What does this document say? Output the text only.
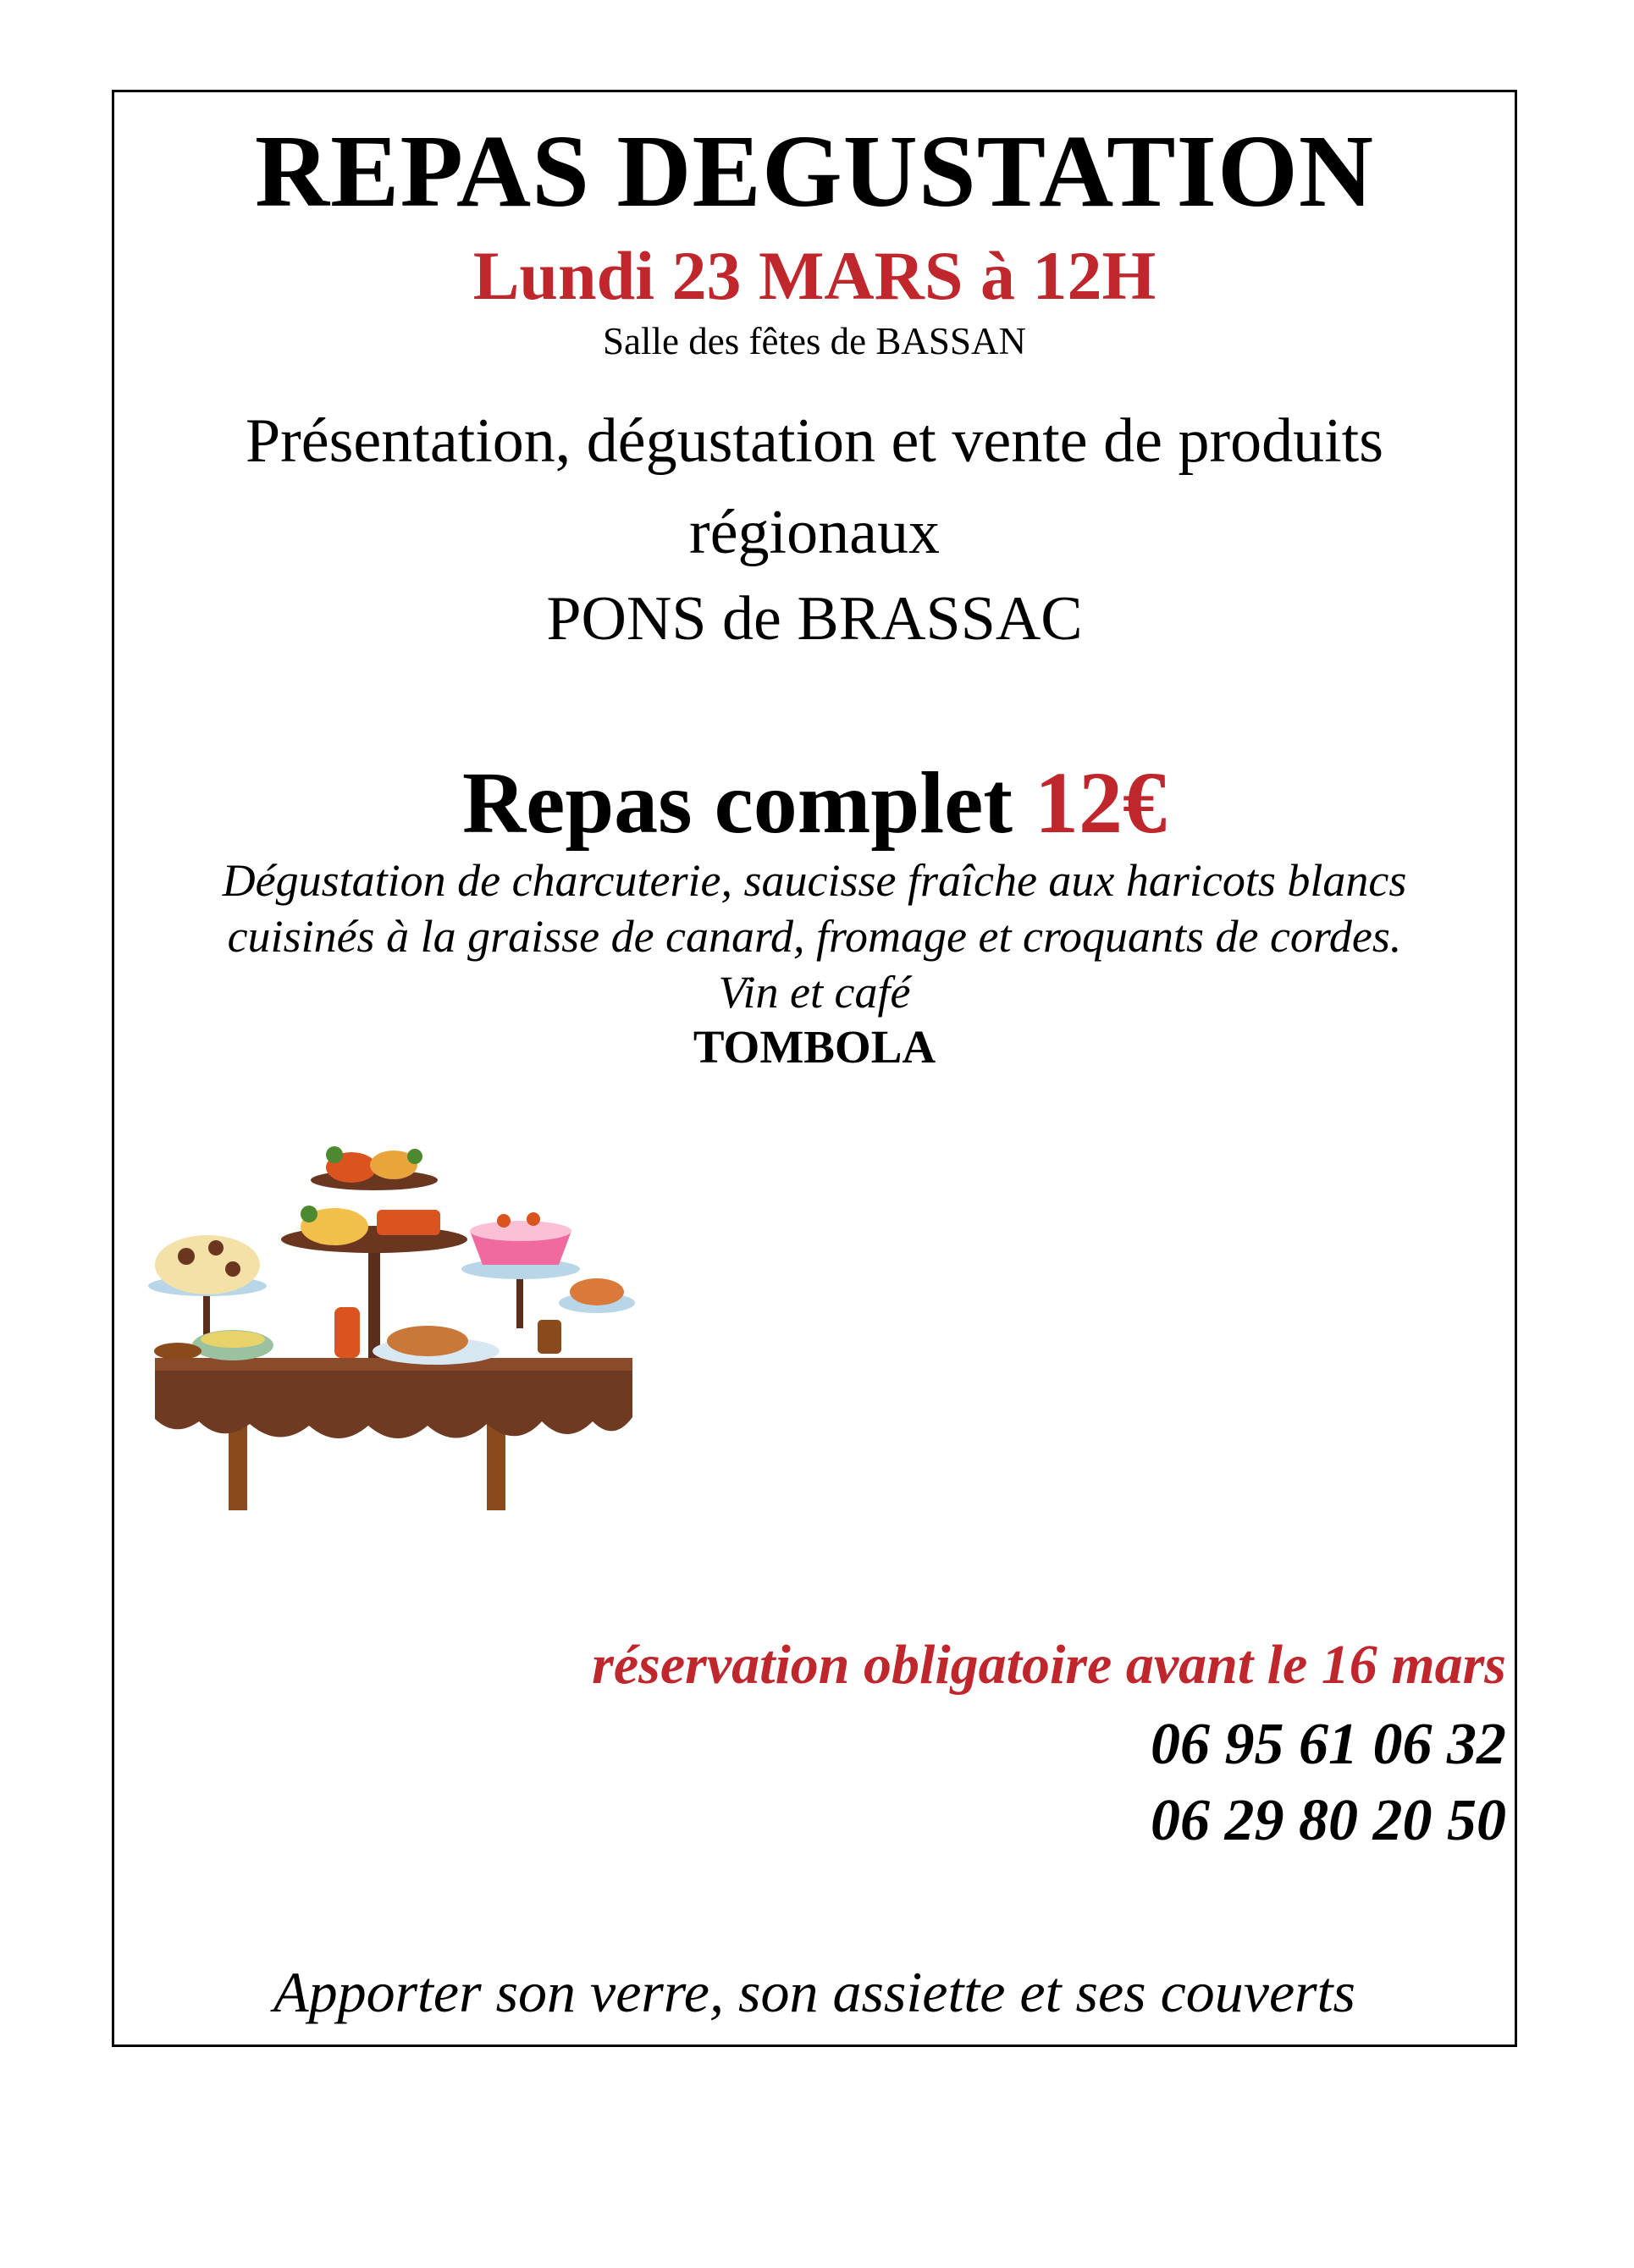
REPAS DEGUSTATION

Lundi 23 MARS à 12H

Salle des fêtes de BASSAN

Présentation, dégustation et vente de produits

régionaux

PONS de BRASSAC

Repas complet 12€

Dégustation de charcuterie, saucisse fraîche aux haricots blancs

cuisinés à la graisse de canard, fromage et croquants de cordes.

Vin et café

TOMBOLA

réservation obligatoire avant le 16 mars

06 95 61 06 32

06 29 80 20 50

Apporter son verre, son assiette et ses couverts
